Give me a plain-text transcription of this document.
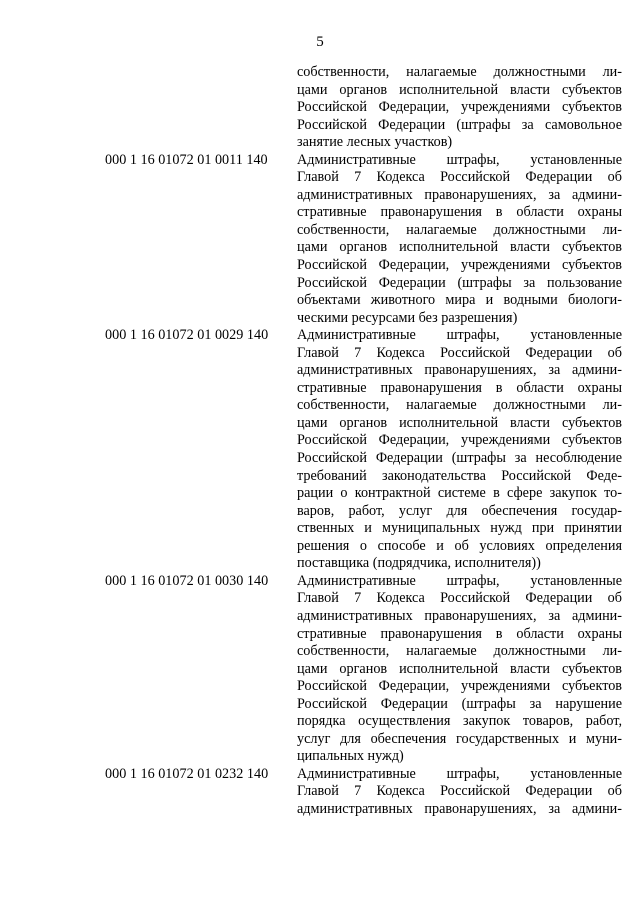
5
собственности, налагаемые должностными ли-
цами органов исполнительной власти субъектов
Российской Федерации, учреждениями субъектов
Российской Федерации (штрафы за самовольное
занятие лесных участков)
000 1 16 01072 01 0011 140	Административные штрафы, установленные
Главой 7 Кодекса Российской Федерации об
административных правонарушениях, за админи-
стративные правонарушения в области охраны
собственности, налагаемые должностными ли-
цами органов исполнительной власти субъектов
Российской Федерации, учреждениями субъектов
Российской Федерации (штрафы за пользование
объектами животного мира и водными биологи-
ческими ресурсами без разрешения)
000 1 16 01072 01 0029 140	Административные штрафы, установленные
Главой 7 Кодекса Российской Федерации об
административных правонарушениях, за админи-
стративные правонарушения в области охраны
собственности, налагаемые должностными ли-
цами органов исполнительной власти субъектов
Российской Федерации, учреждениями субъектов
Российской Федерации (штрафы за несоблюдение
требований законодательства Российской Феде-
рации о контрактной системе в сфере закупок то-
варов, работ, услуг для обеспечения государ-
ственных и муниципальных нужд при принятии
решения о способе и об условиях определения
поставщика (подрядчика, исполнителя))
000 1 16 01072 01 0030 140	Административные штрафы, установленные
Главой 7 Кодекса Российской Федерации об
административных правонарушениях, за админи-
стративные правонарушения в области охраны
собственности, налагаемые должностными ли-
цами органов исполнительной власти субъектов
Российской Федерации, учреждениями субъектов
Российской Федерации (штрафы за нарушение
порядка осуществления закупок товаров, работ,
услуг для обеспечения государственных и муни-
ципальных нужд)
000 1 16 01072 01 0232 140	Административные штрафы, установленные
Главой 7 Кодекса Российской Федерации об
административных правонарушениях, за админи-
